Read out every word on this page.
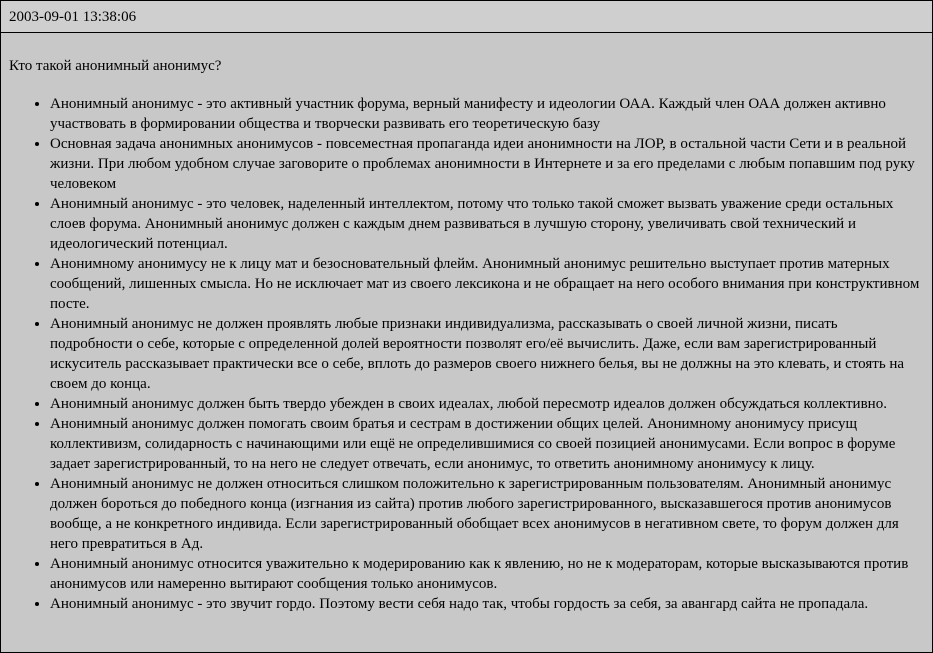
2003-09-01 13:38:06
Кто такой анонимный анонимус?
• Анонимный анонимус - это активный участник форума, верный манифесту и идеологии ОАА. Каждый член ОАА должен активно участвовать в формировании общества и творчески развивать его теоретическую базу
• Основная задача анонимных анонимусов - повсеместная пропаганда идеи анонимности на ЛОР, в остальной части Сети и в реальной жизни. При любом удобном случае заговорите о проблемах анонимности в Интернете и за его пределами с любым попавшим под руку человеком
• Анонимный анонимус - это человек, наделенный интеллектом, потому что только такой сможет вызвать уважение среди остальных слоев форума. Анонимный анонимус должен с каждым днем развиваться в лучшую сторону, увеличивать свой технический и идеологический потенциал.
• Анонимному анонимусу не к лицу мат и безосновательный флейм. Анонимный анонимус решительно выступает против матерных сообщений, лишенных смысла. Но не исключает мат из своего лексикона и не обращает на него особого внимания при конструктивном посте.
• Анонимный анонимус не должен проявлять любые признаки индивидуализма, рассказывать о своей личной жизни, писать подробности о себе, которые с определенной долей вероятности позволят его/её вычислить. Даже, если вам зарегистрированный искуситель рассказывает практически все о себе, вплоть до размеров своего нижнего белья, вы не должны на это клевать, и стоять на своем до конца.
• Анонимный анонимус должен быть твердо убежден в своих идеалах, любой пересмотр идеалов должен обсуждаться коллективно.
• Анонимный анонимус должен помогать своим братья и сестрам в достижении общих целей. Анонимному анонимусу присущ коллективизм, солидарность с начинающими или ещё не определившимися со своей позицией анонимусами. Если вопрос в форуме задает зарегистрированный, то на него не следует отвечать, если анонимус, то ответить анонимному анонимусу к лицу.
• Анонимный анонимус не должен относиться слишком положительно к зарегистрированным пользователям. Анонимный анонимус должен бороться до победного конца (изгнания из сайта) против любого зарегистрированного, высказавшегося против анонимусов вообще, а не конкретного индивида. Если зарегистрированный обобщает всех анонимусов в негативном свете, то форум должен для него превратиться в Ад.
• Анонимный анонимус относится уважительно к модерированию как к явлению, но не к модераторам, которые высказываются против анонимусов или намеренно вытирают сообщения только анонимусов.
• Анонимный анонимус - это звучит гордо. Поэтому вести себя надо так, чтобы гордость за себя, за авангард сайта не пропадала.
